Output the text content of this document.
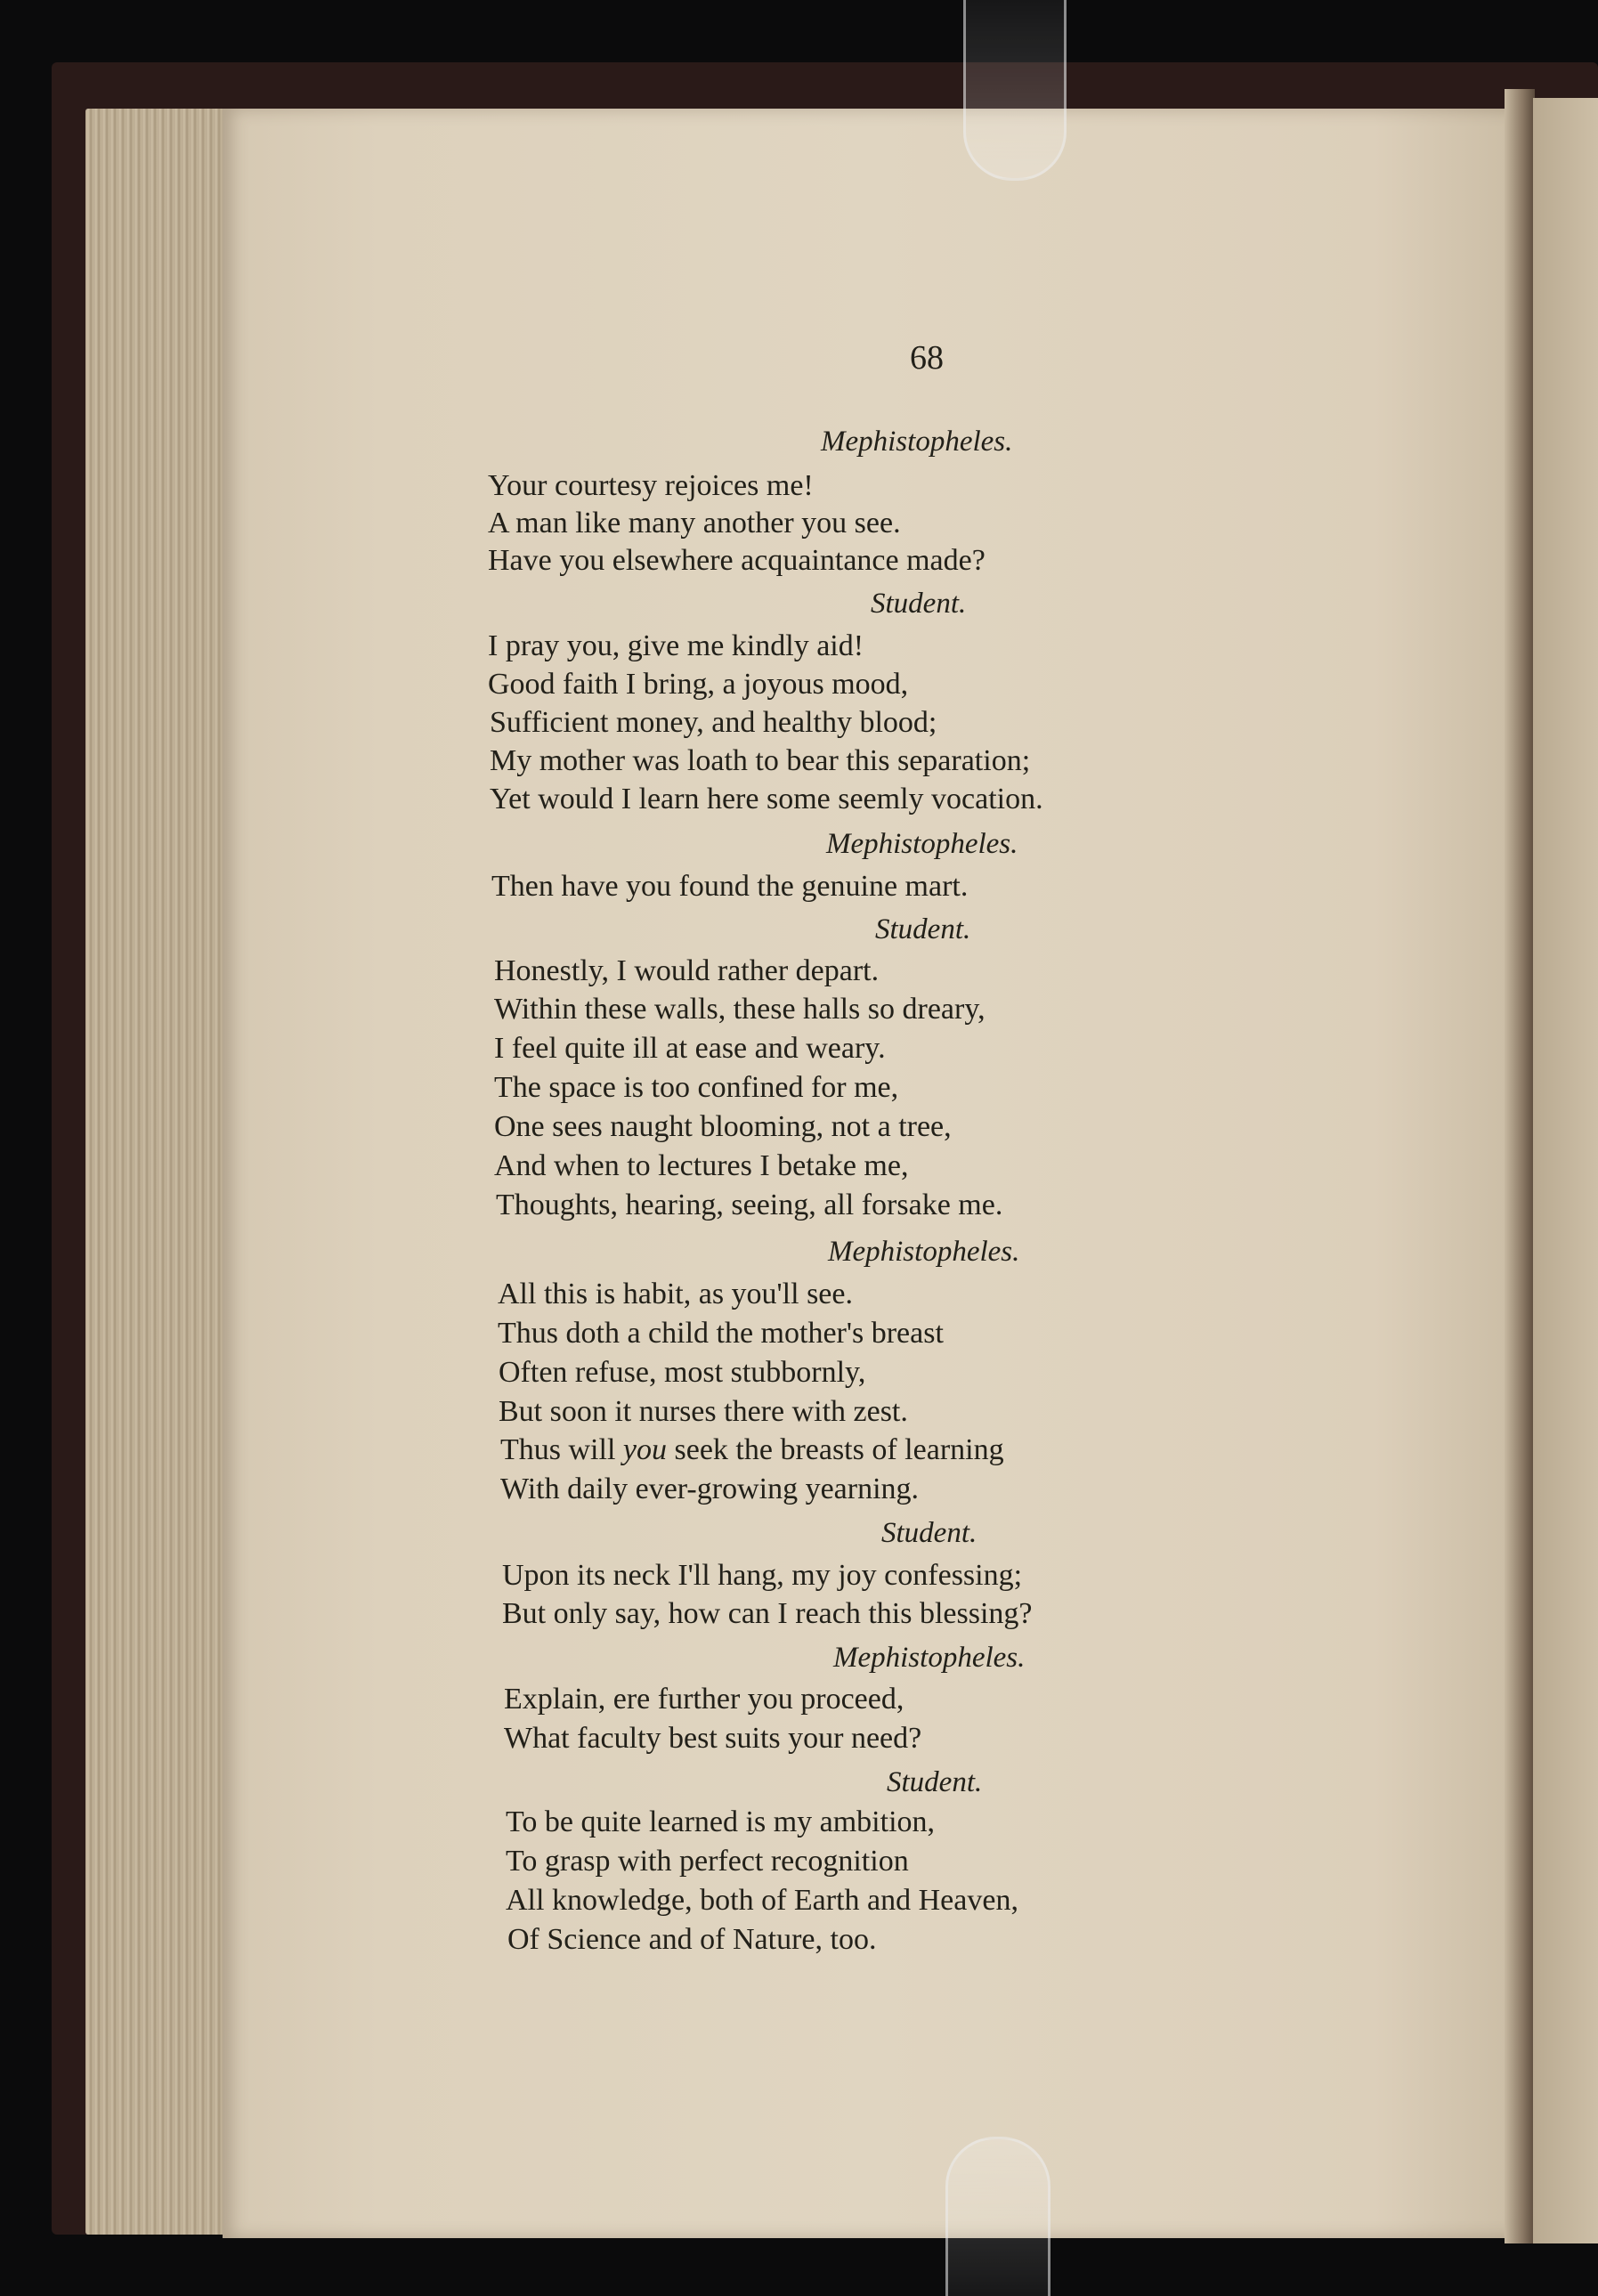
68
Mephistopheles.
Your courtesy rejoices me!
A man like many another you see.
Have you elsewhere acquaintance made?
Student.
I pray you, give me kindly aid!
Good faith I bring, a joyous mood,
Sufficient money, and healthy blood;
My mother was loath to bear this separation;
Yet would I learn here some seemly vocation.
Mephistopheles.
Then have you found the genuine mart.
Student.
Honestly, I would rather depart.
Within these walls, these halls so dreary,
I feel quite ill at ease and weary.
The space is too confined for me,
One sees naught blooming, not a tree,
And when to lectures I betake me,
Thoughts, hearing, seeing, all forsake me.
Mephistopheles.
All this is habit, as you'll see.
Thus doth a child the mother's breast
Often refuse, most stubbornly,
But soon it nurses there with zest.
Thus will you seek the breasts of learning
With daily ever-growing yearning.
Student.
Upon its neck I'll hang, my joy confessing;
But only say, how can I reach this blessing?
Mephistopheles.
Explain, ere further you proceed,
What faculty best suits your need?
Student.
To be quite learned is my ambition,
To grasp with perfect recognition
All knowledge, both of Earth and Heaven,
Of Science and of Nature, too.
